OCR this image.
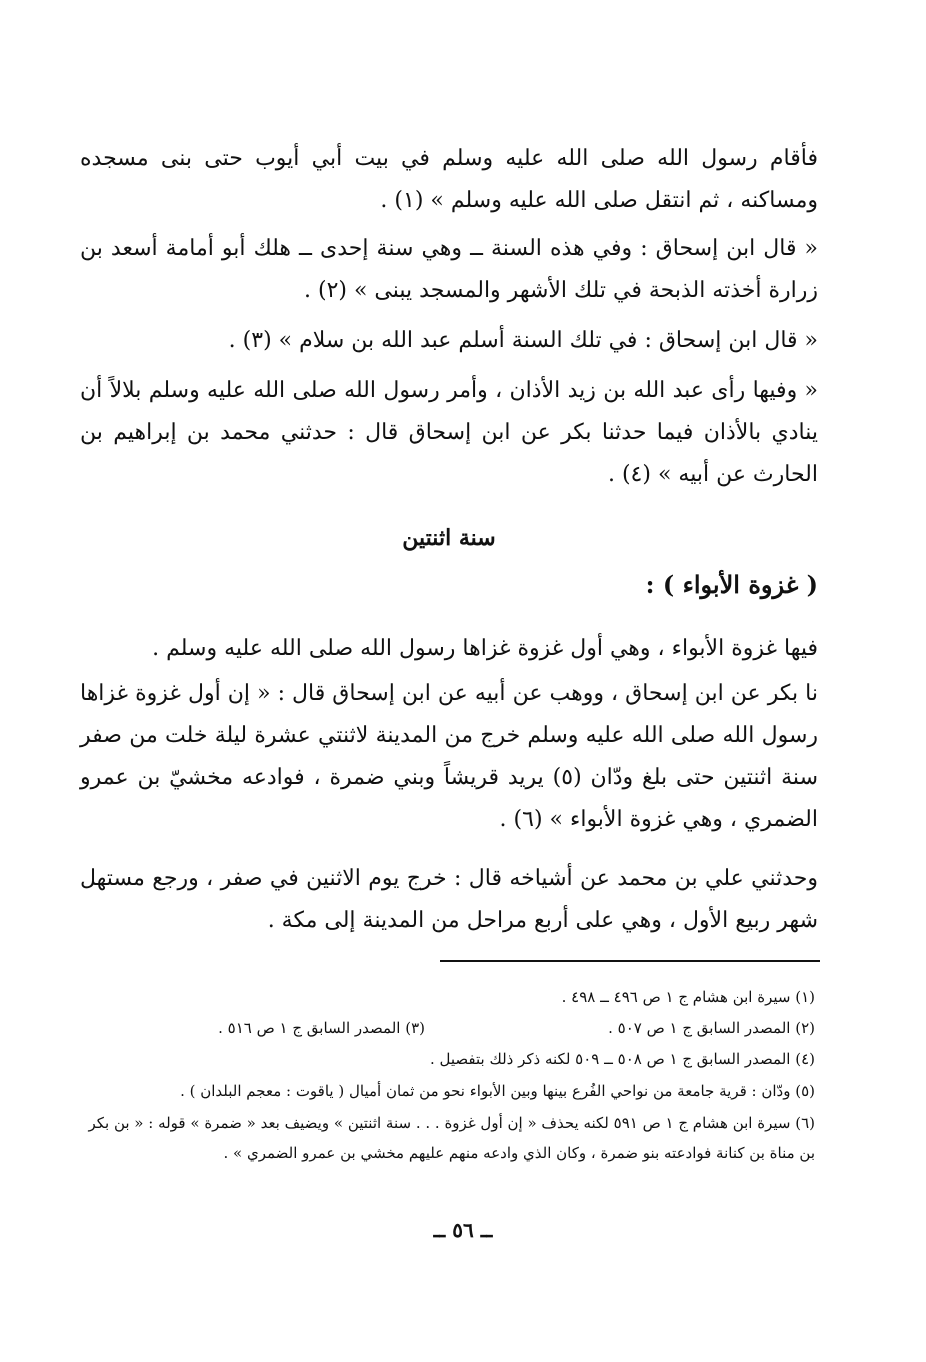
فأقام رسول الله صلى الله عليه وسلم في بيت أبي أيوب حتى بنى مسجده ومساكنه ، ثم انتقل صلى الله عليه وسلم » (١) .

« قال ابن إسحاق : وفي هذه السنة ــ وهي سنة إحدى ــ هلك أبو أمامة أسعد بن زرارة أخذته الذبحة في تلك الأشهر والمسجد يبنى » (٢) .

« قال ابن إسحاق : في تلك السنة أسلم عبد الله بن سلام » (٣) .

« وفيها رأى عبد الله بن زيد الأذان ، وأمر رسول الله صلى الله عليه وسلم بلالاً أن ينادي بالأذان فيما حدثنا بكر عن ابن إسحاق قال : حدثني محمد بن إبراهيم بن الحارث عن أبيه » (٤) .

سنة اثنتين

( غزوة الأبواء ) :

فيها غزوة الأبواء ، وهي أول غزوة غزاها رسول الله صلى الله عليه وسلم .

نا بكر عن ابن إسحاق ، ووهب عن أبيه عن ابن إسحاق قال : « إن أول غزوة غزاها رسول الله صلى الله عليه وسلم خرج من المدينة لاثنتي عشرة ليلة خلت من صفر سنة اثنتين حتى بلغ ودّان (٥) يريد قريشاً وبني ضمرة ، فوادعه مخشيّ بن عمرو الضمري ، وهي غزوة الأبواء » (٦) .

وحدثني علي بن محمد عن أشياخه قال : خرج يوم الاثنين في صفر ، ورجع مستهل شهر ربيع الأول ، وهي على أربع مراحل من المدينة إلى مكة .

(١) سيرة ابن هشام ج ١ ص ٤٩٦ ــ ٤٩٨ .

(٢) المصدر السابق ج ١ ص ٥٠٧ .
(٣) المصدر السابق ج ١ ص ٥١٦ .

(٤) المصدر السابق ج ١ ص ٥٠٨ ــ ٥٠٩ لكنه ذكر ذلك بتفصيل .

(٥) ودّان : قرية جامعة من نواحي الفُرع بينها وبين الأبواء نحو من ثمان أميال ( ياقوت : معجم البلدان ) .

(٦) سيرة ابن هشام ج ١ ص ٥٩١ لكنه يحذف « إن أول غزوة . . . سنة اثنتين » ويضيف بعد « ضمرة » قوله : « بن بكر بن مناة بن كنانة فوادعته بنو ضمرة ، وكان الذي وادعه منهم عليهم مخشي بن عمرو الضمري » .

ــ ٥٦ ــ
